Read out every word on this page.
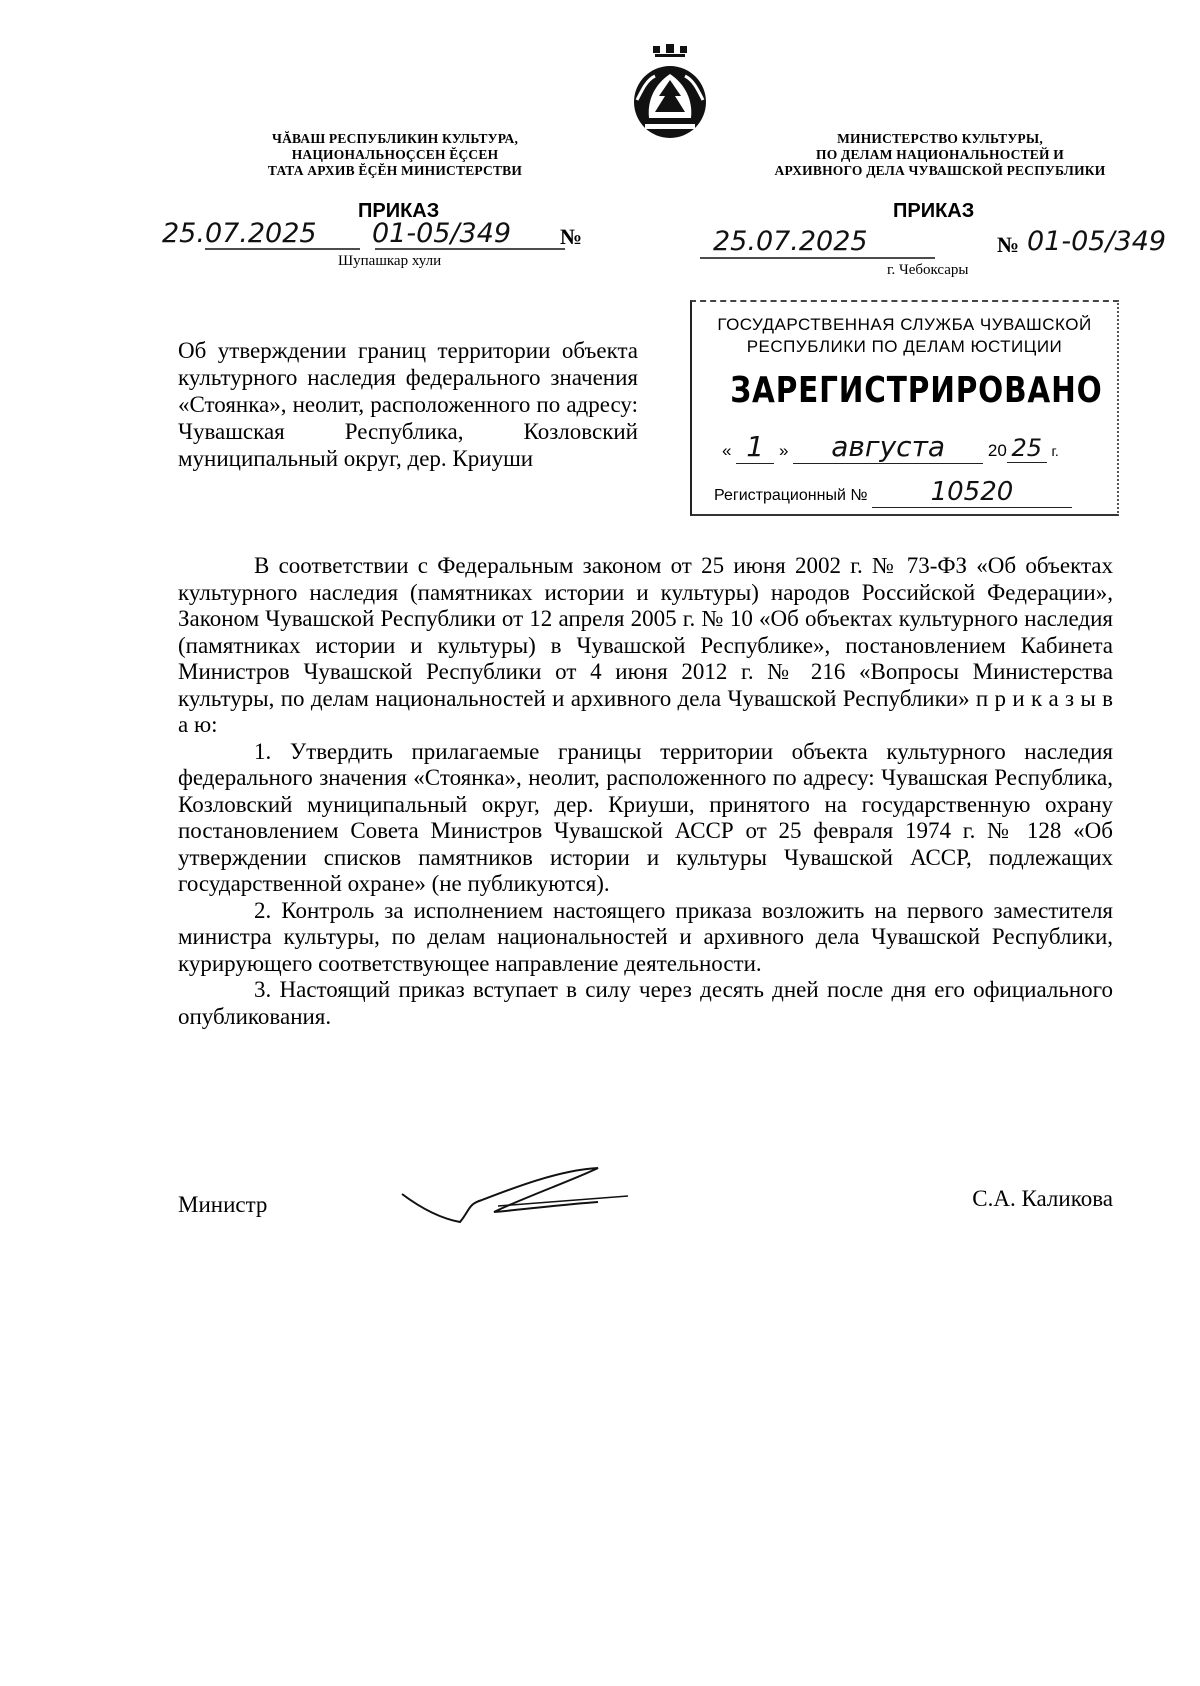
ЧĂВАШ РЕСПУБЛИКИН КУЛЬТУРА,
НАЦИОНАЛЬНОÇСЕН ĔÇСЕН
ТАТА АРХИВ ĔÇĔН МИНИСТЕРСТВИ
МИНИСТЕРСТВО КУЛЬТУРЫ,
ПО ДЕЛАМ НАЦИОНАЛЬНОСТЕЙ И
АРХИВНОГО ДЕЛА ЧУВАШСКОЙ РЕСПУБЛИКИ
ПРИКАЗ
25.07.2025 01-05/349 №
Шупашкар хули
ПРИКАЗ
25.07.2025	№ 01-05/349
г. Чебоксары
Об утверждении границ территории объекта культурного наследия федерального значения «Стоянка», неолит, расположенного по адресу: Чувашская Республика, Козловский муниципальный округ, дер. Криуши
ГОСУДАРСТВЕННАЯ СЛУЖБА ЧУВАШСКОЙ
РЕСПУБЛИКИ ПО ДЕЛАМ ЮСТИЦИИ
ЗАРЕГИСТРИРОВАНО
« 1 » августа	20 25 г.
Регистрационный № 10520

В соответствии с Федеральным законом от 25 июня 2002 г. № 73-ФЗ «Об объектах культурного наследия (памятниках истории и культуры) народов Российской Федерации», Законом Чувашской Республики от 12 апреля 2005 г. № 10 «Об объектах культурного наследия (памятниках истории и культуры) в Чувашской Республике», постановлением Кабинета Министров Чувашской Республики от 4 июня 2012 г. № 216 «Вопросы Министерства культуры, по делам национальностей и архивного дела Чувашской Республики» п р и к а з ы в а ю:

1. Утвердить прилагаемые границы территории объекта культурного наследия федерального значения «Стоянка», неолит, расположенного по адресу: Чувашская Республика, Козловский муниципальный округ, дер. Криуши, принятого на государственную охрану постановлением Совета Министров Чувашской АССР от 25 февраля 1974 г. № 128 «Об утверждении списков памятников истории и культуры Чувашской АССР, подлежащих государственной охране» (не публикуются).

2. Контроль за исполнением настоящего приказа возложить на первого заместителя министра культуры, по делам национальностей и архивного дела Чувашской Республики, курирующего соответствующее направление деятельности.

3. Настоящий приказ вступает в силу через десять дней после дня его официального опубликования.

Министр	С.А. Каликова
